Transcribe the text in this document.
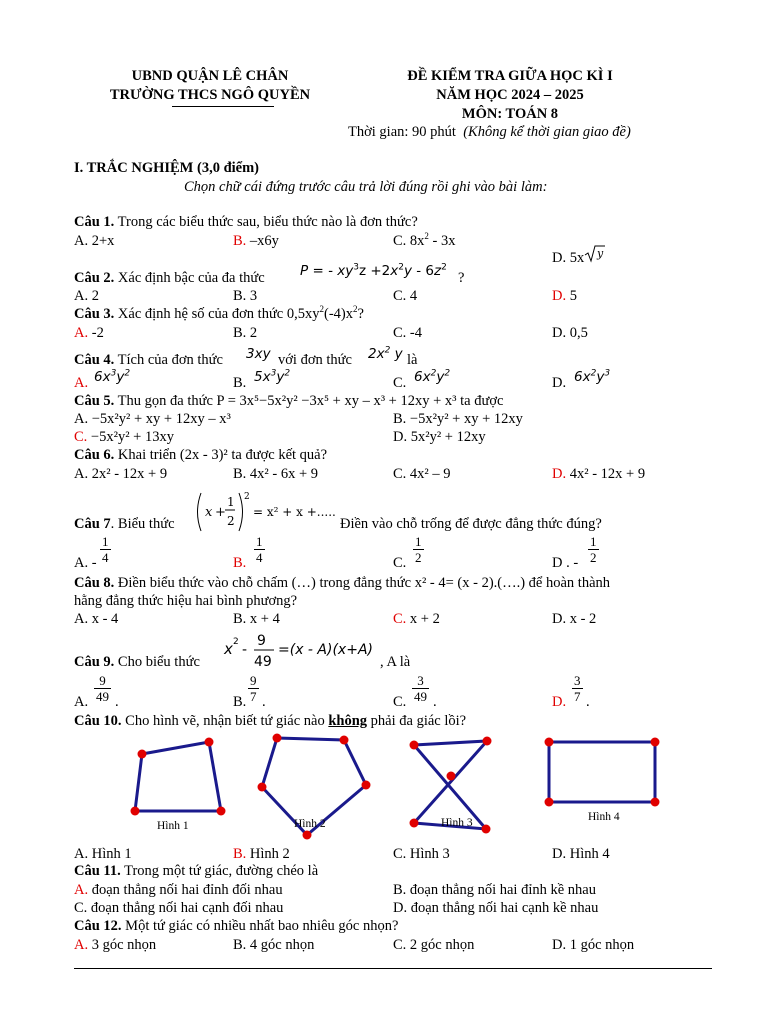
UBND QUẬN LÊ CHÂN
TRƯỜNG THCS NGÔ QUYỀN
ĐỀ KIỂM TRA GIỮA HỌC KÌ I
NĂM HỌC 2024 – 2025
MÔN: TOÁN 8
Thời gian: 90 phút (Không kể thời gian giao đề)
I. TRẮC NGHIỆM (3,0 điểm)
Chọn chữ cái đứng trước câu trả lời đúng rồi ghi vào bài làm:
Câu 1. Trong các biểu thức sau, biểu thức nào là đơn thức?
A. 2+x	B. –x6y	C. $8x^2 - 3x$
D. 5x y
Câu 2. Xác định bậc của đa thức	P = - $xy^3z +2x^2y - 6z^2$
?
A. 2	B. 3	C. 4	D. 5
Câu 3. Xác định hệ số của đơn thức $0,5xy^2(-4)x^2$?
A. -2	B. 2	C. -4	D. 0,5
Câu 4. Tích của đơn thức 3xy với đơn thức $2x^2$ y là
A. $6x^3y^2$
B. $5x^3y^2$
C. $6x^2y^2$
D. $6x^2y^3$
Câu 5. Thu gọn đa thức P = 3x⁵−5x²y² −3x⁵ + xy – x³ + 12xy + x³ ta được
A. −5x²y² + xy + 12xy – x³	B. −5x²y² + xy + 12xy
C. −5x²y² + 13xy	D. 5x²y² + 12xy
Câu 6. Khai triển (2x - 3)² ta được kết quả?
A. 2x² - 12x + 9	B. 4x² - 6x + 9	C. 4x² – 9	D. 4x² - 12x + 9
Câu 7. Biểu thức
x +
1
2
2
= x² + x +.....
Điền vào chỗ trống để được đẳng thức đúng?
A. - $\frac{1}{4}$	B. $\frac{1}{4}$	C. $\frac{1}{2}$	D . - $\frac{1}{2}$
Câu 8. Điền biểu thức vào chỗ chấm (…) trong đẳng thức x² - 4= (x - 2).(….) để hoàn thành
hằng đẳng thức hiệu hai bình phương?
A. x - 4	B. x + 4	C. x + 2	D. x - 2
Câu 9. Cho biểu thức
x 2 -
9
49
=(x - A)(x+A)
, A là
A. $\frac{9}{49}$ .	B. $\frac{9}{7}$ .	C. $\frac{3}{49}$ .	D. $\frac{3}{7}$ .
Câu 10. Cho hình vẽ, nhận biết tứ giác nào không phải đa giác lồi?
Hình 1	Hình 2	Hình 3	Hình 4
A. Hình 1	B. Hình 2	C. Hình 3	D. Hình 4
Câu 11. Trong một tứ giác, đường chéo là
A. đoạn thẳng nối hai đỉnh đối nhau	B. đoạn thẳng nối hai đỉnh kề nhau
C. đoạn thẳng nối hai cạnh đối nhau	D. đoạn thẳng nối hai cạnh kề nhau
Câu 12. Một tứ giác có nhiều nhất bao nhiêu góc nhọn?
A. 3 góc nhọn	B. 4 góc nhọn	C. 2 góc nhọn	D. 1 góc nhọn
